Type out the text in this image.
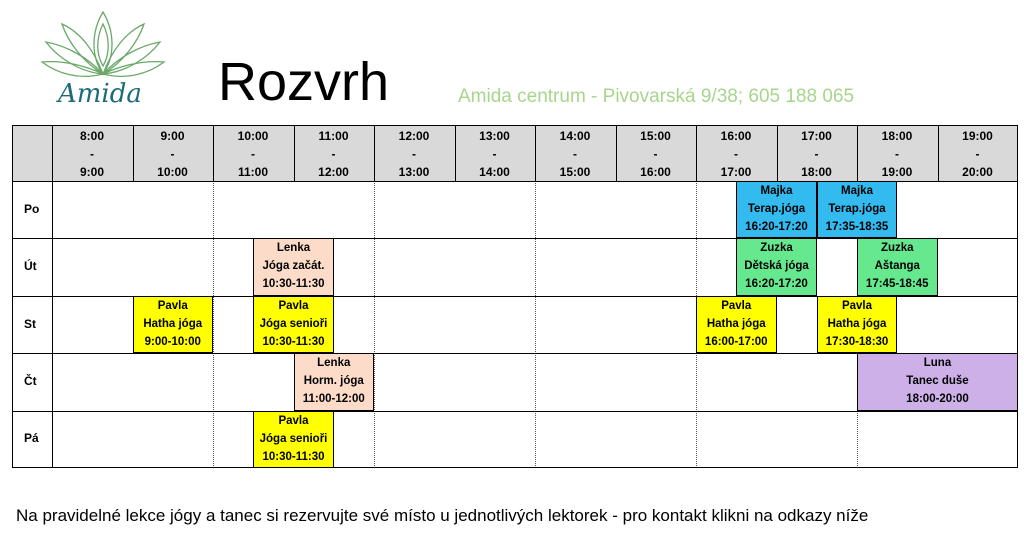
Amida Rozvrh	Amida centrum - Pivovarská 9/38; 605 188 065
8:00
-
9:00
9:00
-
10:00
10:00
-
11:00
11:00
-
12:00
12:00
-
13:00
13:00
-
14:00
14:00
-
15:00
15:00
-
16:00
16:00
-
17:00
17:00
-
18:00
18:00
-
19:00
19:00
-
20:00
Po
Út
St
Čt
Pá
Majka
Terap.jóga
16:20-17:20
Majka
Terap.jóga
17:35-18:35
Lenka
Jóga začát.
10:30-11:30
Zuzka
Dětská jóga
16:20-17:20
Zuzka
Aštanga
17:45-18:45
Pavla
Hatha jóga
9:00-10:00
Pavla
Jóga senioři
10:30-11:30
Pavla
Hatha jóga
16:00-17:00
Pavla
Hatha jóga
17:30-18:30
Lenka
Horm. jóga
11:00-12:00
Luna
Tanec duše
18:00-20:00
Pavla
Jóga senioři
10:30-11:30
Na pravidelné lekce jógy a tanec si rezervujte své místo u jednotlivých lektorek - pro kontakt klikni na odkazy níže
